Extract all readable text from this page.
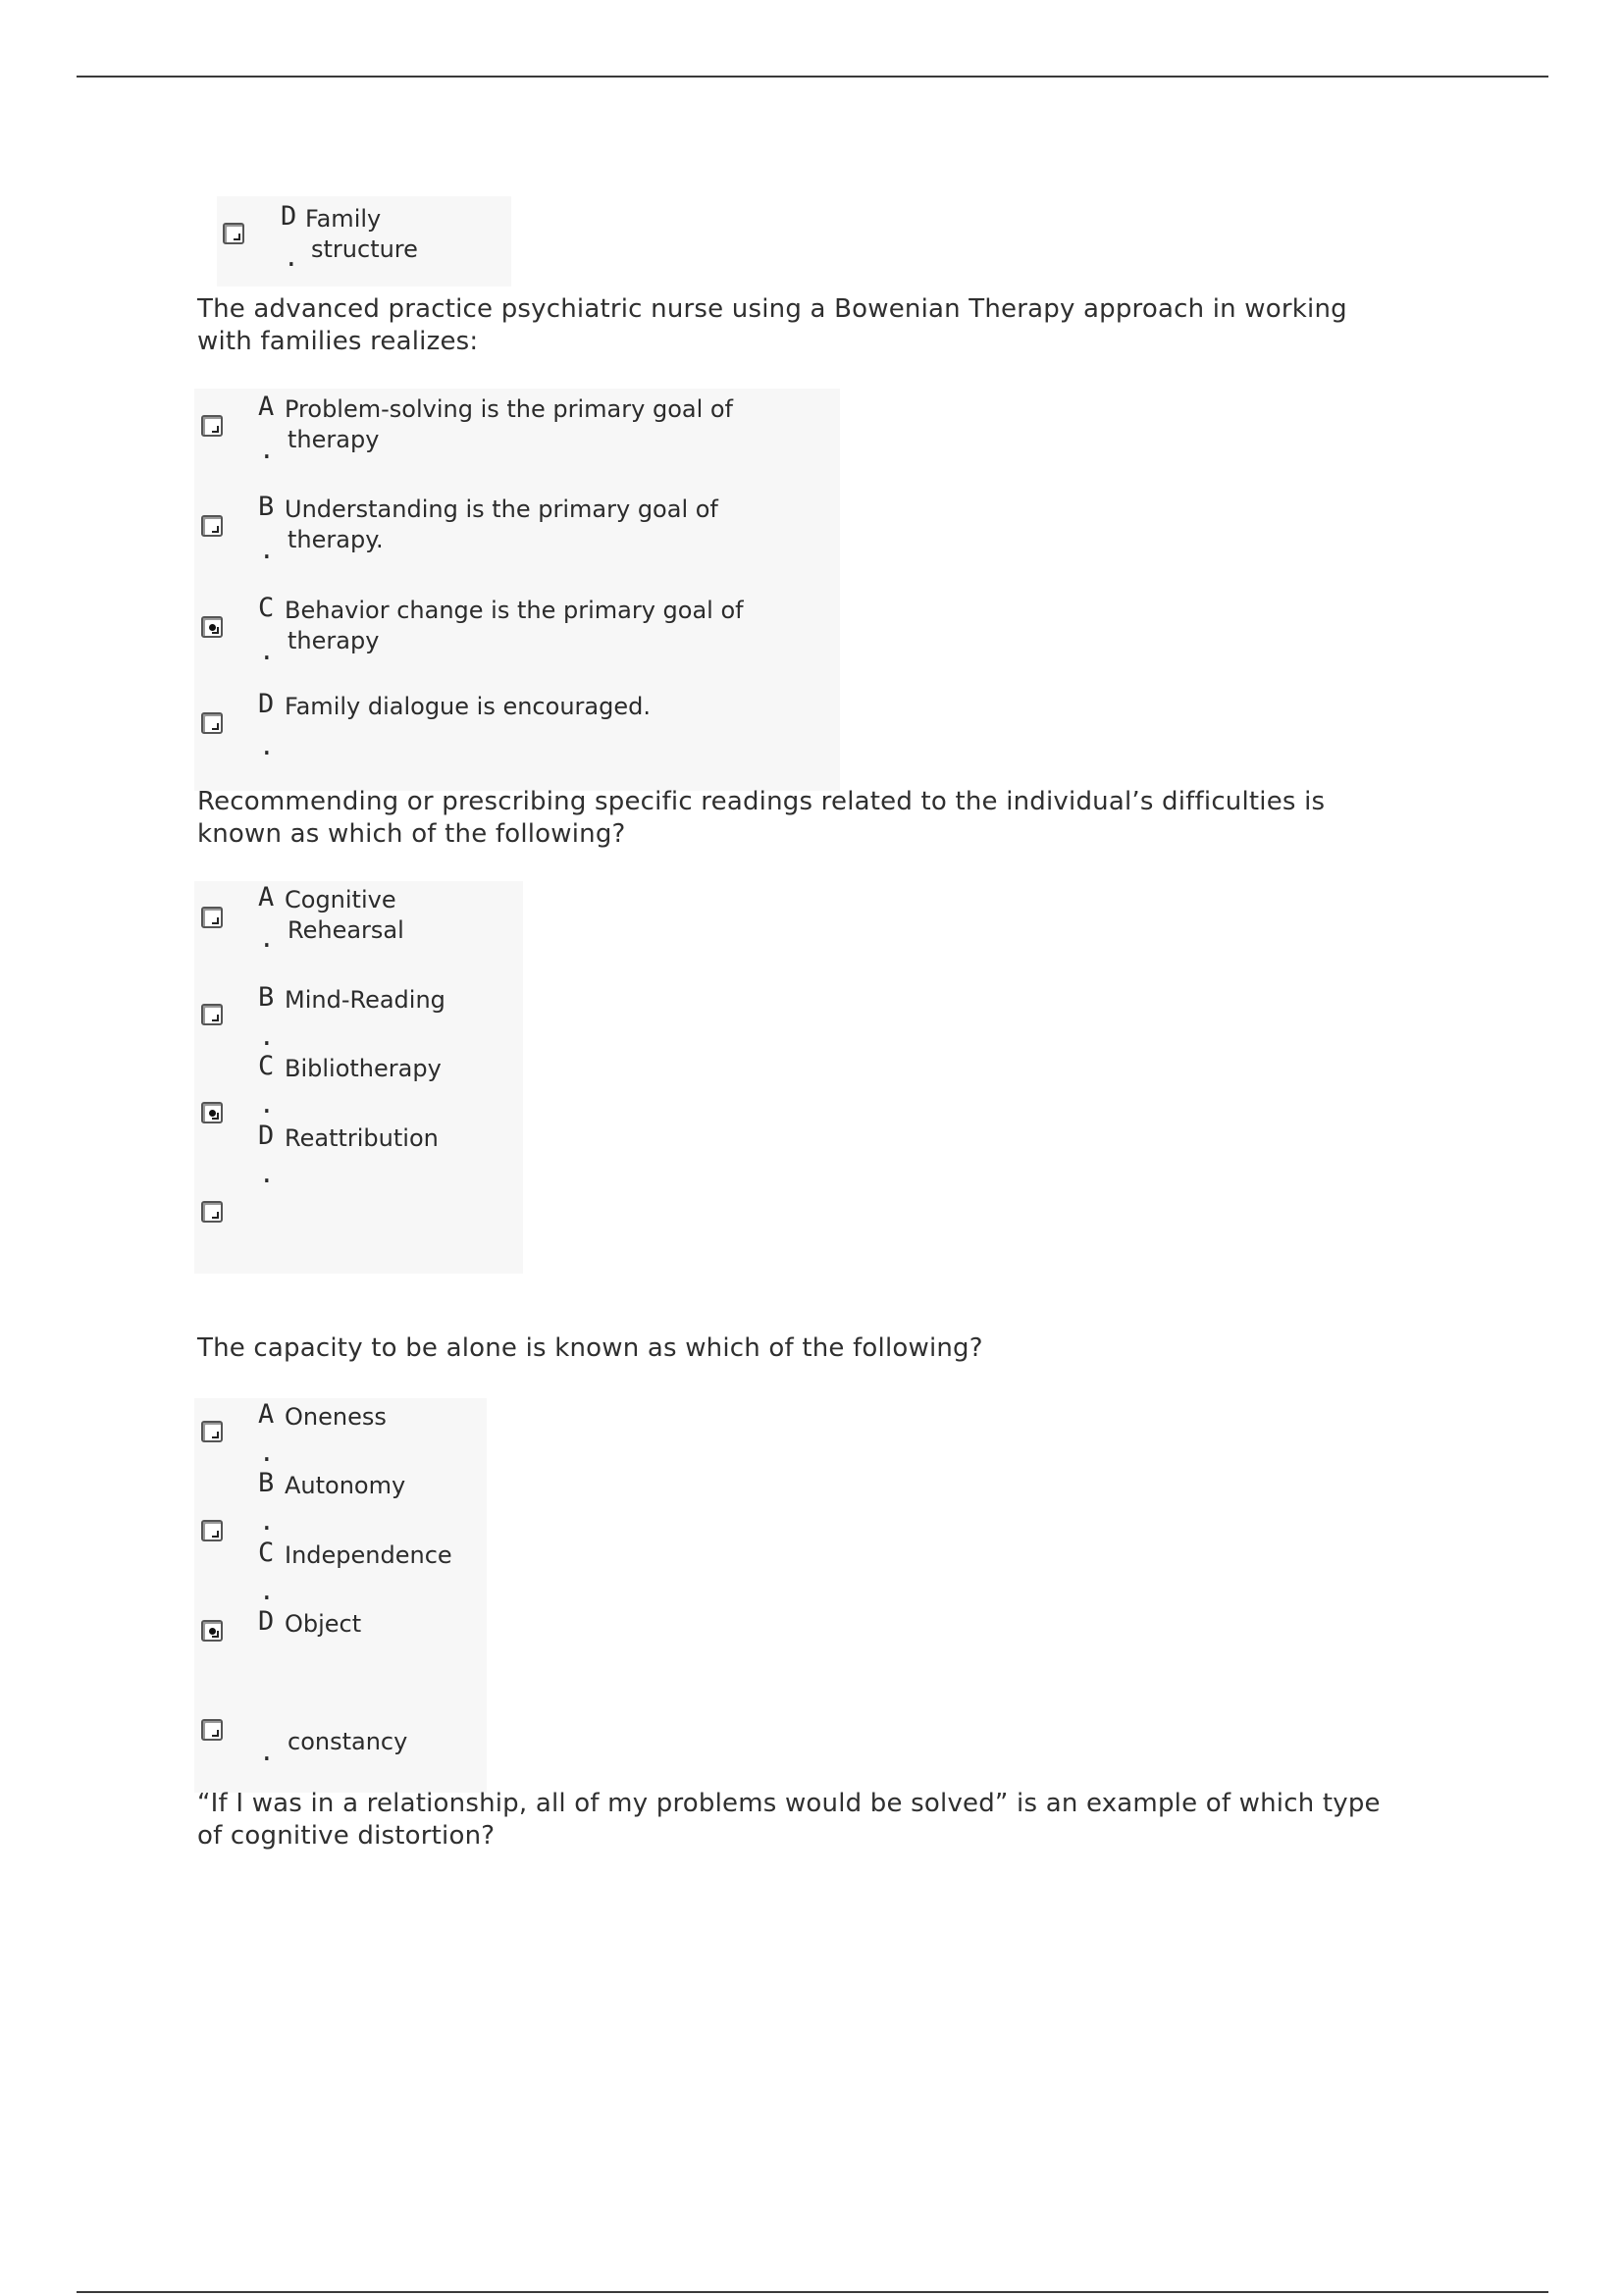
D
.
Family
structure
The advanced practice psychiatric nurse using a Bowenian Therapy approach in working
with families realizes:
A
.
Problem-solving is the primary goal of
therapy
B
.
Understanding is the primary goal of
therapy.
C
.
Behavior change is the primary goal of
therapy
D
.
Family dialogue is encouraged.
Recommending or prescribing specific readings related to the individual’s difficulties is
known as which of the following?
A
.
Cognitive
Rehearsal
B
.
Mind-Reading
C
.
Bibliotherapy
D
.
Reattribution
The capacity to be alone is known as which of the following?
A
.
Oneness
B
.
Autonomy
C
.
Independence
D Object
. constancy
“If I was in a relationship, all of my problems would be solved” is an example of which type
of cognitive distortion?
